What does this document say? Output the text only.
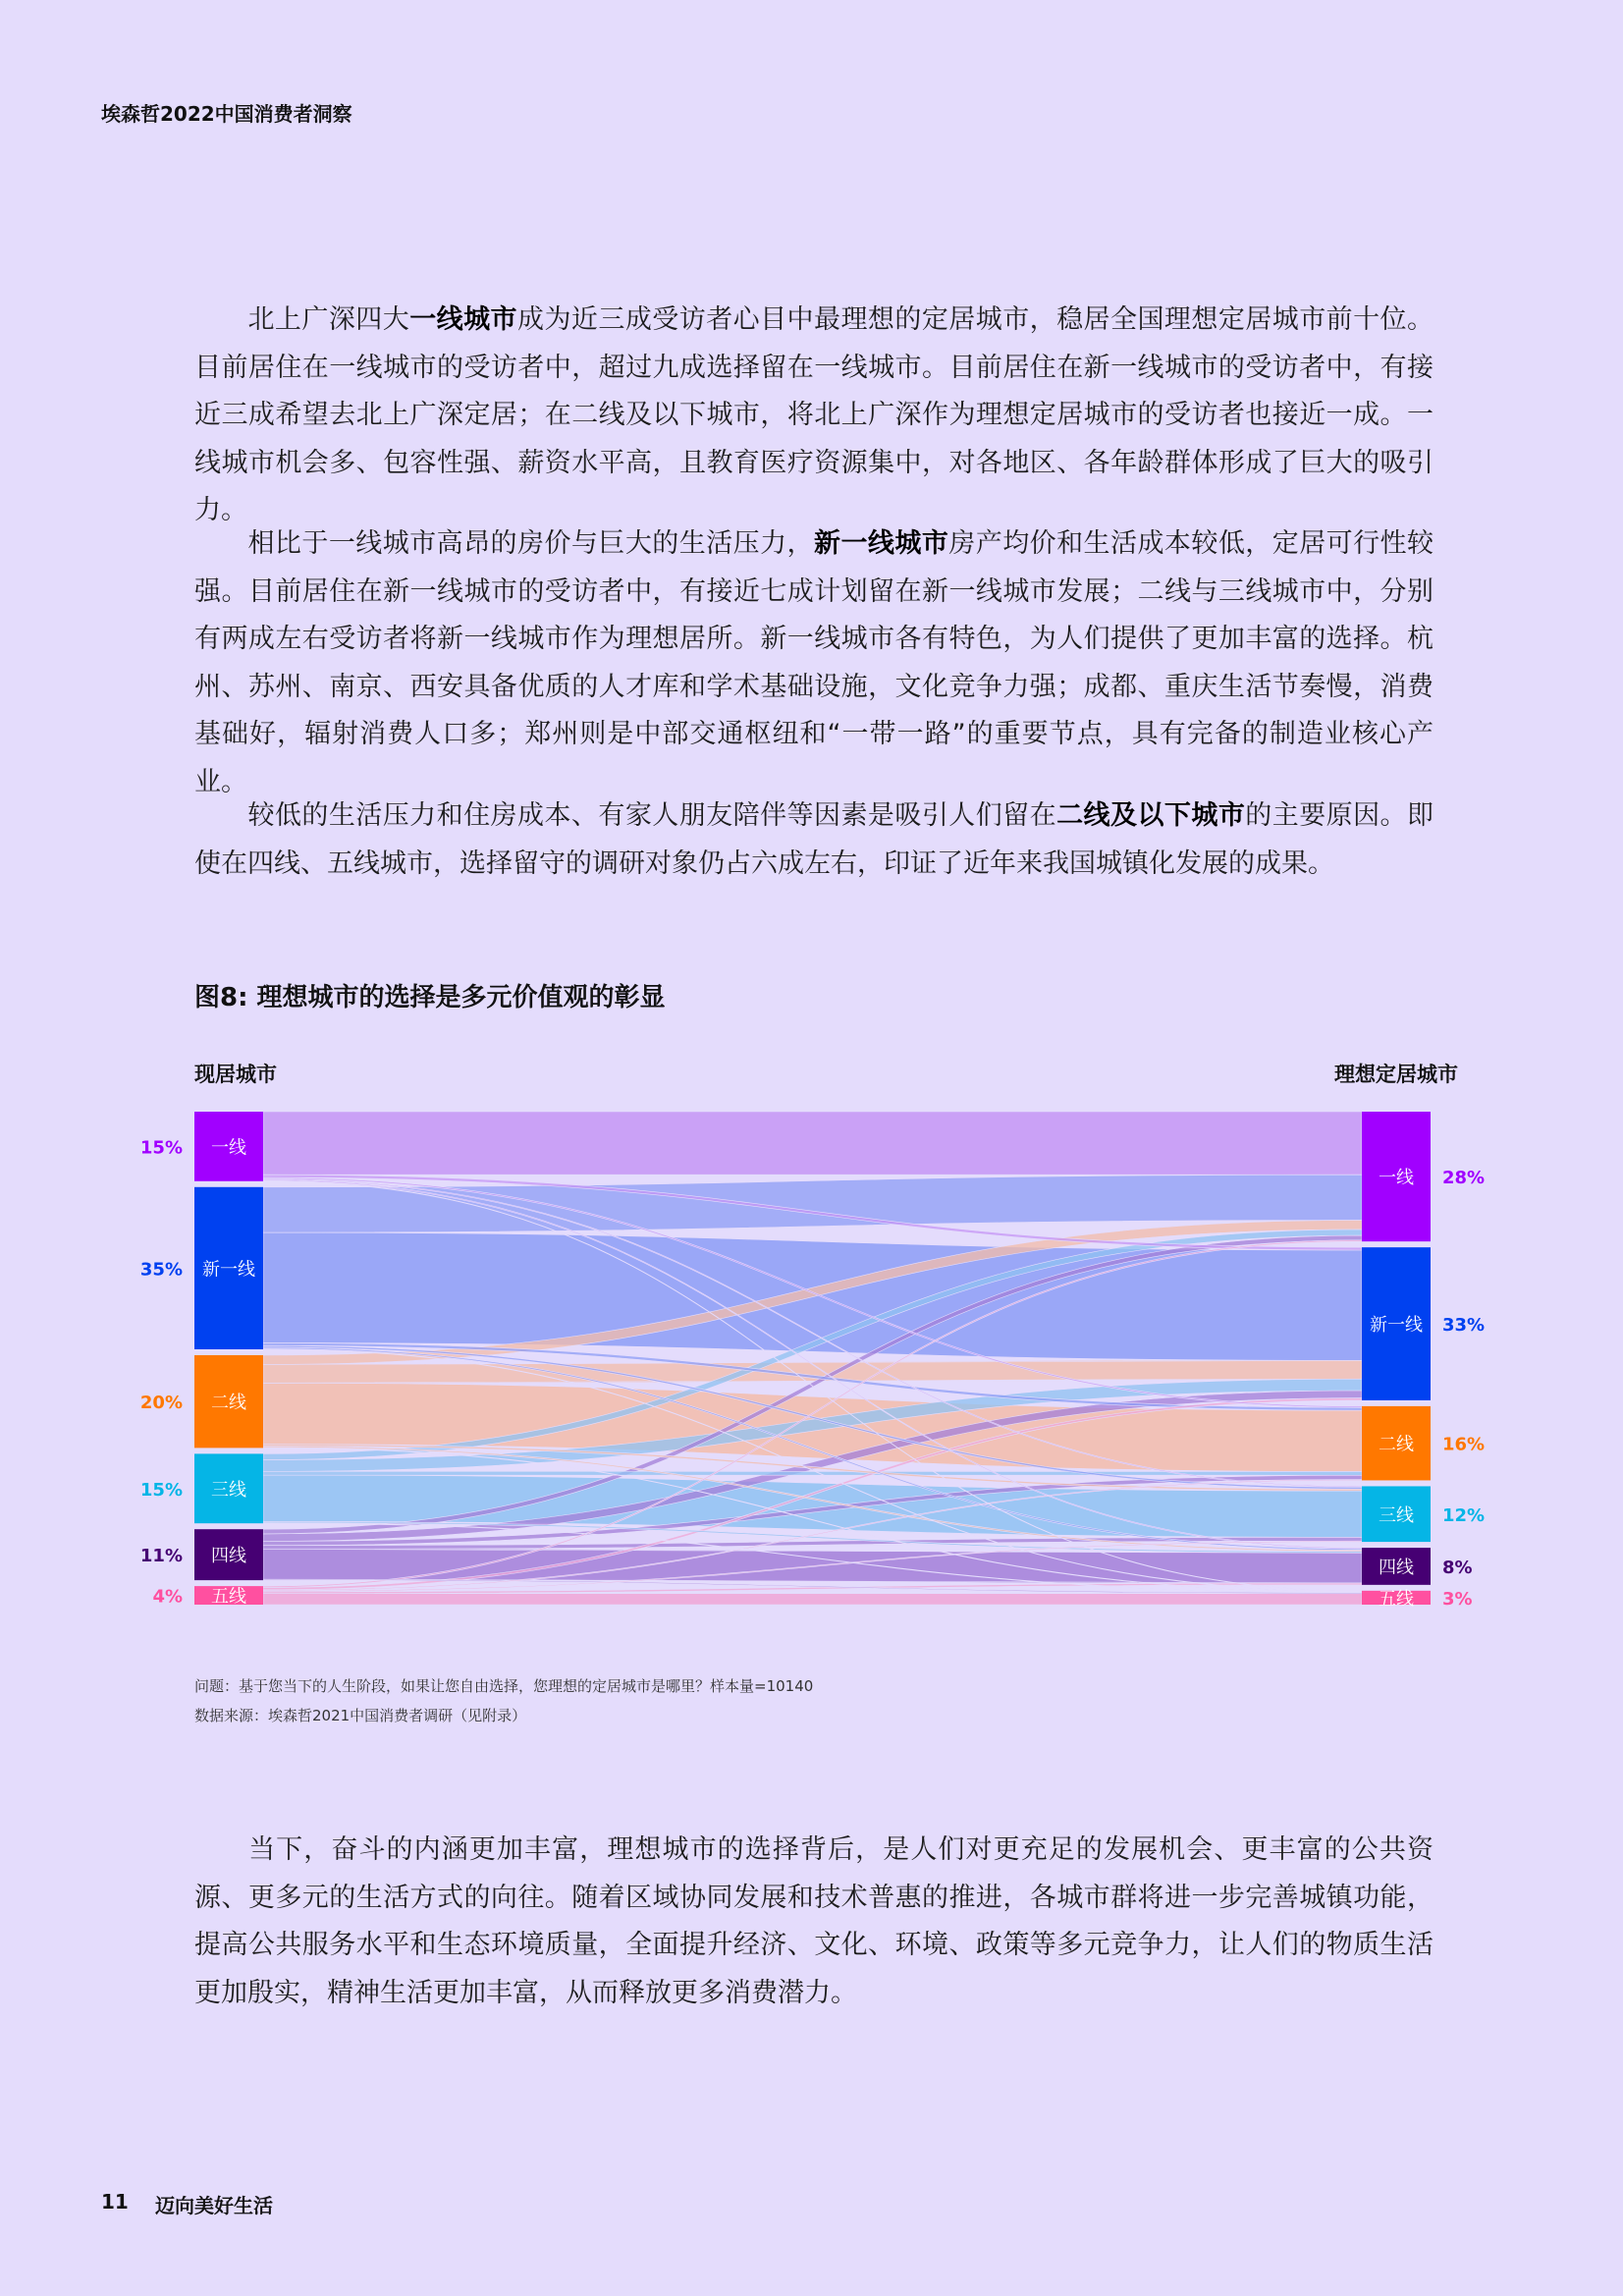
埃森哲2022中国消费者洞察

北上广深四大一线城市成为近三成受访者心目中最理想的定居城市，稳居全国理想定居城市前十位。目前居住在一线城市的受访者中，超过九成选择留在一线城市。目前居住在新一线城市的受访者中，有接近三成希望去北上广深定居；在二线及以下城市，将北上广深作为理想定居城市的受访者也接近一成。一线城市机会多、包容性强、薪资水平高，且教育医疗资源集中，对各地区、各年龄群体形成了巨大的吸引力。

相比于一线城市高昂的房价与巨大的生活压力，新一线城市房产均价和生活成本较低，定居可行性较强。目前居住在新一线城市的受访者中，有接近七成计划留在新一线城市发展；二线与三线城市中，分别有两成左右受访者将新一线城市作为理想居所。新一线城市各有特色，为人们提供了更加丰富的选择。杭州、苏州、南京、西安具备优质的人才库和学术基础设施，文化竞争力强；成都、重庆生活节奏慢，消费基础好，辐射消费人口多；郑州则是中部交通枢纽和“一带一路”的重要节点，具有完备的制造业核心产业。

较低的生活压力和住房成本、有家人朋友陪伴等因素是吸引人们留在二线及以下城市的主要原因。即使在四线、五线城市，选择留守的调研对象仍占六成左右，印证了近年来我国城镇化发展的成果。

图8: 理想城市的选择是多元价值观的彰显
现居城市	理想定居城市
一线
15%
新一线
35%
二线
20%
三线
15%
四线
11%
五线
4%
一线 28%
新一线 33%
二线 16%
三线 12%
四线 8%
五线 3%
问题：基于您当下的人生阶段，如果让您自由选择，您理想的定居城市是哪里？样本量=10140
数据来源：埃森哲2021中国消费者调研（见附录）

当下，奋斗的内涵更加丰富，理想城市的选择背后，是人们对更充足的发展机会、更丰富的公共资源、更多元的生活方式的向往。随着区域协同发展和技术普惠的推进，各城市群将进一步完善城镇功能，提高公共服务水平和生态环境质量，全面提升经济、文化、环境、政策等多元竞争力，让人们的物质生活更加殷实，精神生活更加丰富，从而释放更多消费潜力。

11 迈向美好生活
